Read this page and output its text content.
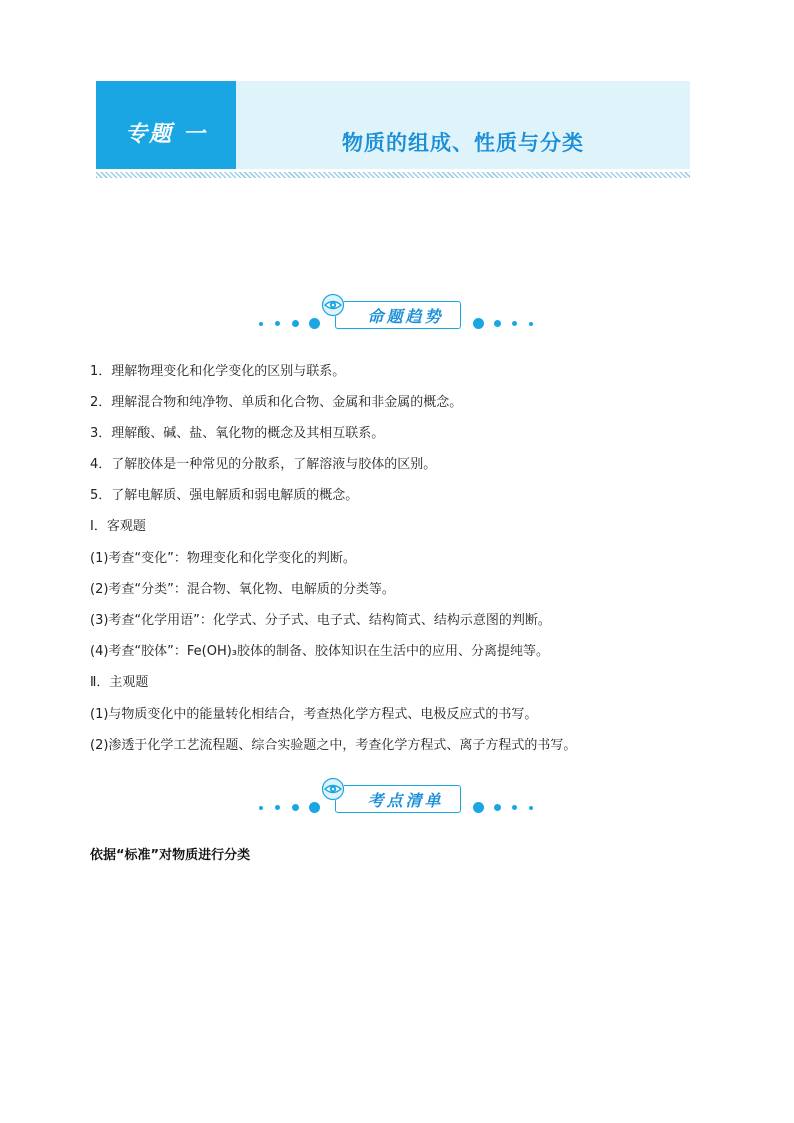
专题 一	物质的组成、性质与分类
命题趋势
1．理解物理变化和化学变化的区别与联系。
2．理解混合物和纯净物、单质和化合物、金属和非金属的概念。
3．理解酸、碱、盐、氧化物的概念及其相互联系。
4．了解胶体是一种常见的分散系，了解溶液与胶体的区别。
5．了解电解质、强电解质和弱电解质的概念。
Ⅰ．客观题
(1)考查“变化”：物理变化和化学变化的判断。
(2)考查“分类”：混合物、氧化物、电解质的分类等。
(3)考查“化学用语”：化学式、分子式、电子式、结构简式、结构示意图的判断。
(4)考查“胶体”：Fe(OH)₃胶体的制备、胶体知识在生活中的应用、分离提纯等。
Ⅱ．主观题
(1)与物质变化中的能量转化相结合，考查热化学方程式、电极反应式的书写。
(2)渗透于化学工艺流程题、综合实验题之中，考查化学方程式、离子方程式的书写。
考点清单
依据“标准”对物质进行分类
